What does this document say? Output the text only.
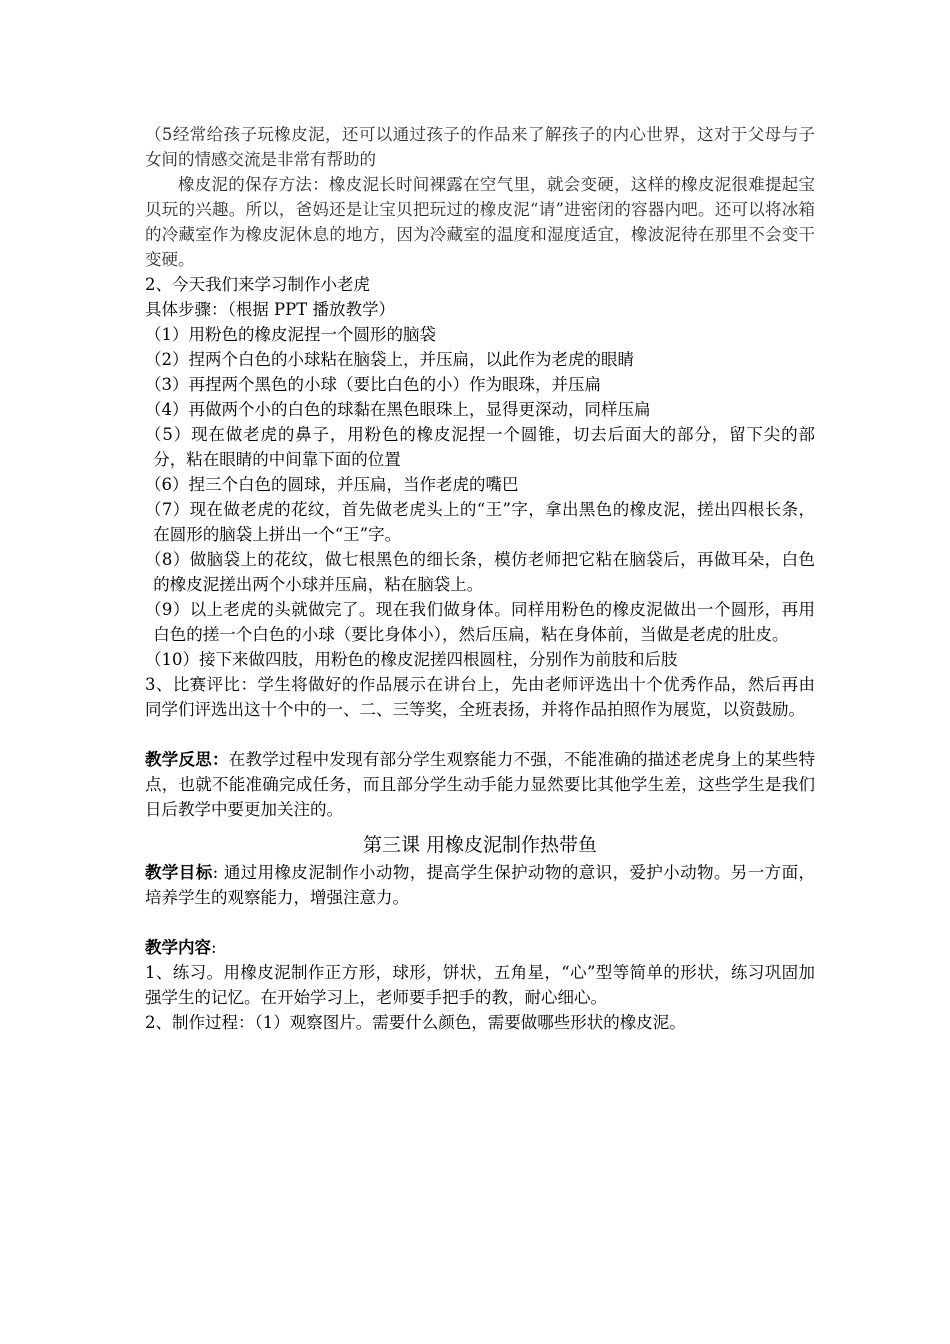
（5经常给孩子玩橡皮泥，还可以通过孩子的作品来了解孩子的内心世界，这对于父母与子女间的情感交流是非常有帮助的

橡皮泥的保存方法：橡皮泥长时间裸露在空气里，就会变硬，这样的橡皮泥很难提起宝贝玩的兴趣。所以，爸妈还是让宝贝把玩过的橡皮泥“请”进密闭的容器内吧。还可以将冰箱的冷藏室作为橡皮泥休息的地方，因为冷藏室的温度和湿度适宜，橡波泥待在那里不会变干变硬。

2、今天我们来学习制作小老虎

具体步骤：（根据 PPT 播放教学）

（1）用粉色的橡皮泥捏一个圆形的脑袋

（2）捏两个白色的小球粘在脑袋上，并压扁，以此作为老虎的眼睛

（3）再捏两个黑色的小球（要比白色的小）作为眼珠，并压扁

（4）再做两个小的白色的球黏在黑色眼珠上，显得更深动，同样压扁

（5）现在做老虎的鼻子，用粉色的橡皮泥捏一个圆锥，切去后面大的部分，留下尖的部分，粘在眼睛的中间靠下面的位置

（6）捏三个白色的圆球，并压扁，当作老虎的嘴巴

（7）现在做老虎的花纹，首先做老虎头上的“王”字，拿出黑色的橡皮泥，搓出四根长条，在圆形的脑袋上拼出一个“王”字。

（8）做脑袋上的花纹，做七根黑色的细长条，模仿老师把它粘在脑袋后，再做耳朵，白色的橡皮泥搓出两个小球并压扁，粘在脑袋上。

（9）以上老虎的头就做完了。现在我们做身体。同样用粉色的橡皮泥做出一个圆形，再用白色的搓一个白色的小球（要比身体小），然后压扁，粘在身体前，当做是老虎的肚皮。

（10）接下来做四肢，用粉色的橡皮泥搓四根圆柱，分别作为前肢和后肢

3、比赛评比：学生将做好的作品展示在讲台上，先由老师评选出十个优秀作品，然后再由同学们评选出这十个中的一、二、三等奖，全班表扬，并将作品拍照作为展览，以资鼓励。

教学反思：在教学过程中发现有部分学生观察能力不强，不能准确的描述老虎身上的某些特点，也就不能准确完成任务，而且部分学生动手能力显然要比其他学生差，这些学生是我们日后教学中要更加关注的。

第三课 用橡皮泥制作热带鱼

教学目标: 通过用橡皮泥制作小动物，提高学生保护动物的意识，爱护小动物。另一方面，培养学生的观察能力，增强注意力。

教学内容:

1、练习。用橡皮泥制作正方形，球形，饼状，五角星，“心”型等简单的形状，练习巩固加强学生的记忆。在开始学习上，老师要手把手的教，耐心细心。

2、制作过程：（1）观察图片。需要什么颜色，需要做哪些形状的橡皮泥。
